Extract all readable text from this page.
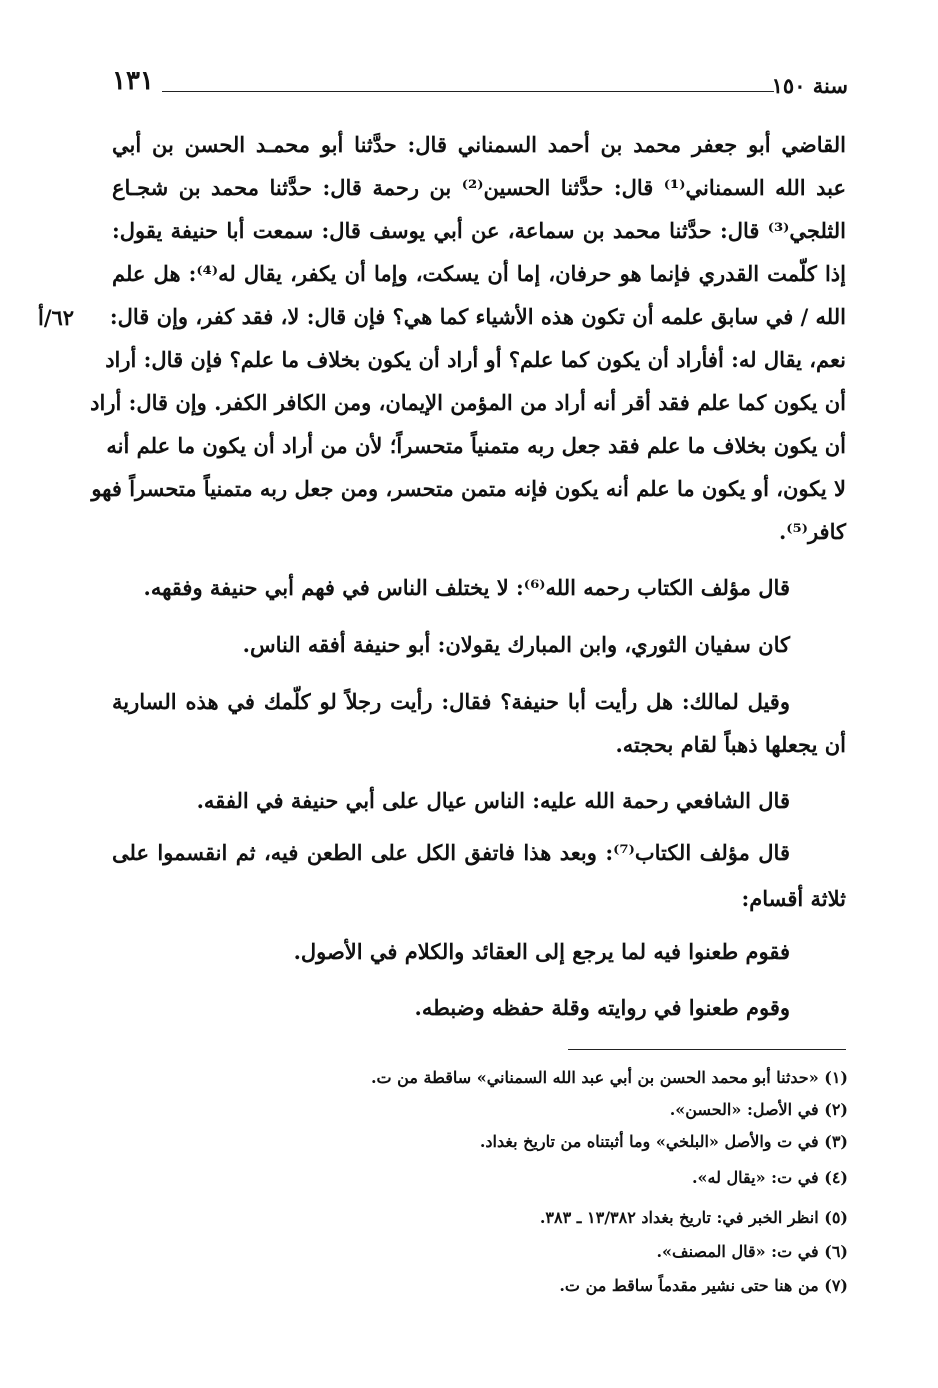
١٣١	سنة ١٥٠
٦٢/أ
القاضي أبو جعفر محمد بن أحمد السمناني قال: حدَّثنا أبو محمـد الحسن بن أبي
عبد الله السمناني⁽¹⁾ قال: حدَّثنا الحسين⁽²⁾ بن رحمة قال: حدَّثنا محمد بن شجـاع
الثلجي⁽³⁾ قال: حدَّثنا محمد بن سماعة، عن أبي يوسف قال: سمعت أبا حنيفة يقول:
إذا كلّمت القدري فإنما هو حرفان، إما أن يسكت، وإما أن يكفر، يقال له⁽⁴⁾: هل علم
الله / في سابق علمه أن تكون هذه الأشياء كما هي؟ فإن قال: لا، فقد كفر، وإن قال:
نعم، يقال له: أفأراد أن يكون كما علم؟ أو أراد أن يكون بخلاف ما علم؟ فإن قال: أراد
أن يكون كما علم فقد أقر أنه أراد من المؤمن الإيمان، ومن الكافر الكفر. وإن قال: أراد
أن يكون بخلاف ما علم فقد جعل ربه متمنياً متحسراً؛ لأن من أراد أن يكون ما علم أنه
لا يكون، أو يكون ما علم أنه يكون فإنه متمن متحسر، ومن جعل ربه متمنياً متحسراً فهو
كافر⁽⁵⁾.
قال مؤلف الكتاب رحمه الله⁽⁶⁾: لا يختلف الناس في فهم أبي حنيفة وفقهه.
كان سفيان الثوري، وابن المبارك يقولان: أبو حنيفة أفقه الناس.
وقيل لمالك: هل رأيت أبا حنيفة؟ فقال: رأيت رجلاً لو كلّمك في هذه السارية
أن يجعلها ذهباً لقام بحجته.
قال الشافعي رحمة الله عليه: الناس عيال على أبي حنيفة في الفقه.
قال مؤلف الكتاب⁽⁷⁾: وبعد هذا فاتفق الكل على الطعن فيه، ثم انقسموا على
ثلاثة أقسام:
فقوم طعنوا فيه لما يرجع إلى العقائد والكلام في الأصول.
وقوم طعنوا في روايته وقلة حفظه وضبطه.
(١) «حدثنا أبو محمد الحسن بن أبي عبد الله السمناني» ساقطة من ت.
(٢) في الأصل: «الحسن».
(٣) في ت والأصل «البلخي» وما أثبتناه من تاريخ بغداد.
(٤) في ت: «يقال له».
(٥) انظر الخبر في: تاريخ بغداد ١٣/٣٨٢ ـ ٣٨٣.
(٦) في ت: «قال المصنف».
(٧) من هنا حتى نشير مقدماً ساقط من ت.
